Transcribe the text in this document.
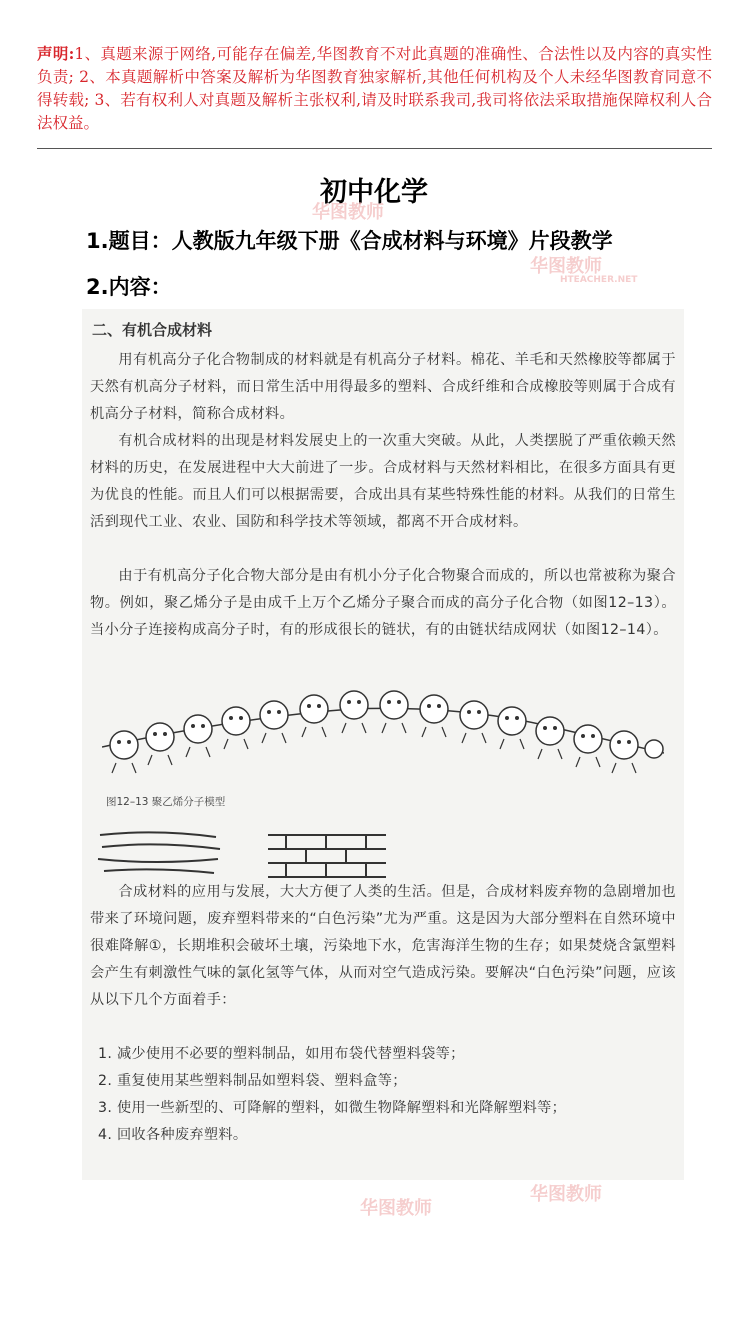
声明:1、真题来源于网络,可能存在偏差,华图教育不对此真题的准确性、合法性以及内容的真实性负责; 2、本真题解析中答案及解析为华图教育独家解析,其他任何机构及个人未经华图教育同意不得转载; 3、若有权利人对真题及解析主张权利,请及时联系我司,我司将依法采取措施保障权利人合法权益。
初中化学
1.题目：人教版九年级下册《合成材料与环境》片段教学
2.内容：
二、有机合成材料
用有机高分子化合物制成的材料就是有机高分子材料。棉花、羊毛和天然橡胶等都属于天然有机高分子材料，而日常生活中用得最多的塑料、合成纤维和合成橡胶等则属于合成有机高分子材料，简称合成材料。
有机合成材料的出现是材料发展史上的一次重大突破。从此，人类摆脱了严重依赖天然材料的历史，在发展进程中大大前进了一步。合成材料与天然材料相比，在很多方面具有更为优良的性能。而且人们可以根据需要，合成出具有某些特殊性能的材料。从我们的日常生活到现代工业、农业、国防和科学技术等领域，都离不开合成材料。
由于有机高分子化合物大部分是由有机小分子化合物聚合而成的，所以也常被称为聚合物。例如，聚乙烯分子是由成千上万个乙烯分子聚合而成的高分子化合物（如图12–13）。当小分子连接构成高分子时，有的形成很长的链状，有的由链状结成网状（如图12–14）。
图12–13 聚乙烯分子模型
合成材料的应用与发展，大大方便了人类的生活。但是，合成材料废弃物的急剧增加也带来了环境问题，废弃塑料带来的“白色污染”尤为严重。这是因为大部分塑料在自然环境中很难降解①，长期堆积会破坏土壤，污染地下水，危害海洋生物的生存；如果焚烧含氯塑料会产生有刺激性气味的氯化氢等气体，从而对空气造成污染。要解决“白色污染”问题，应该从以下几个方面着手：
1. 减少使用不必要的塑料制品，如用布袋代替塑料袋等；
2. 重复使用某些塑料制品如塑料袋、塑料盒等；
3. 使用一些新型的、可降解的塑料，如微生物降解塑料和光降解塑料等；
4. 回收各种废弃塑料。
华图教师
华图教师
HTEACHER.NET
华图教师
华图教师
